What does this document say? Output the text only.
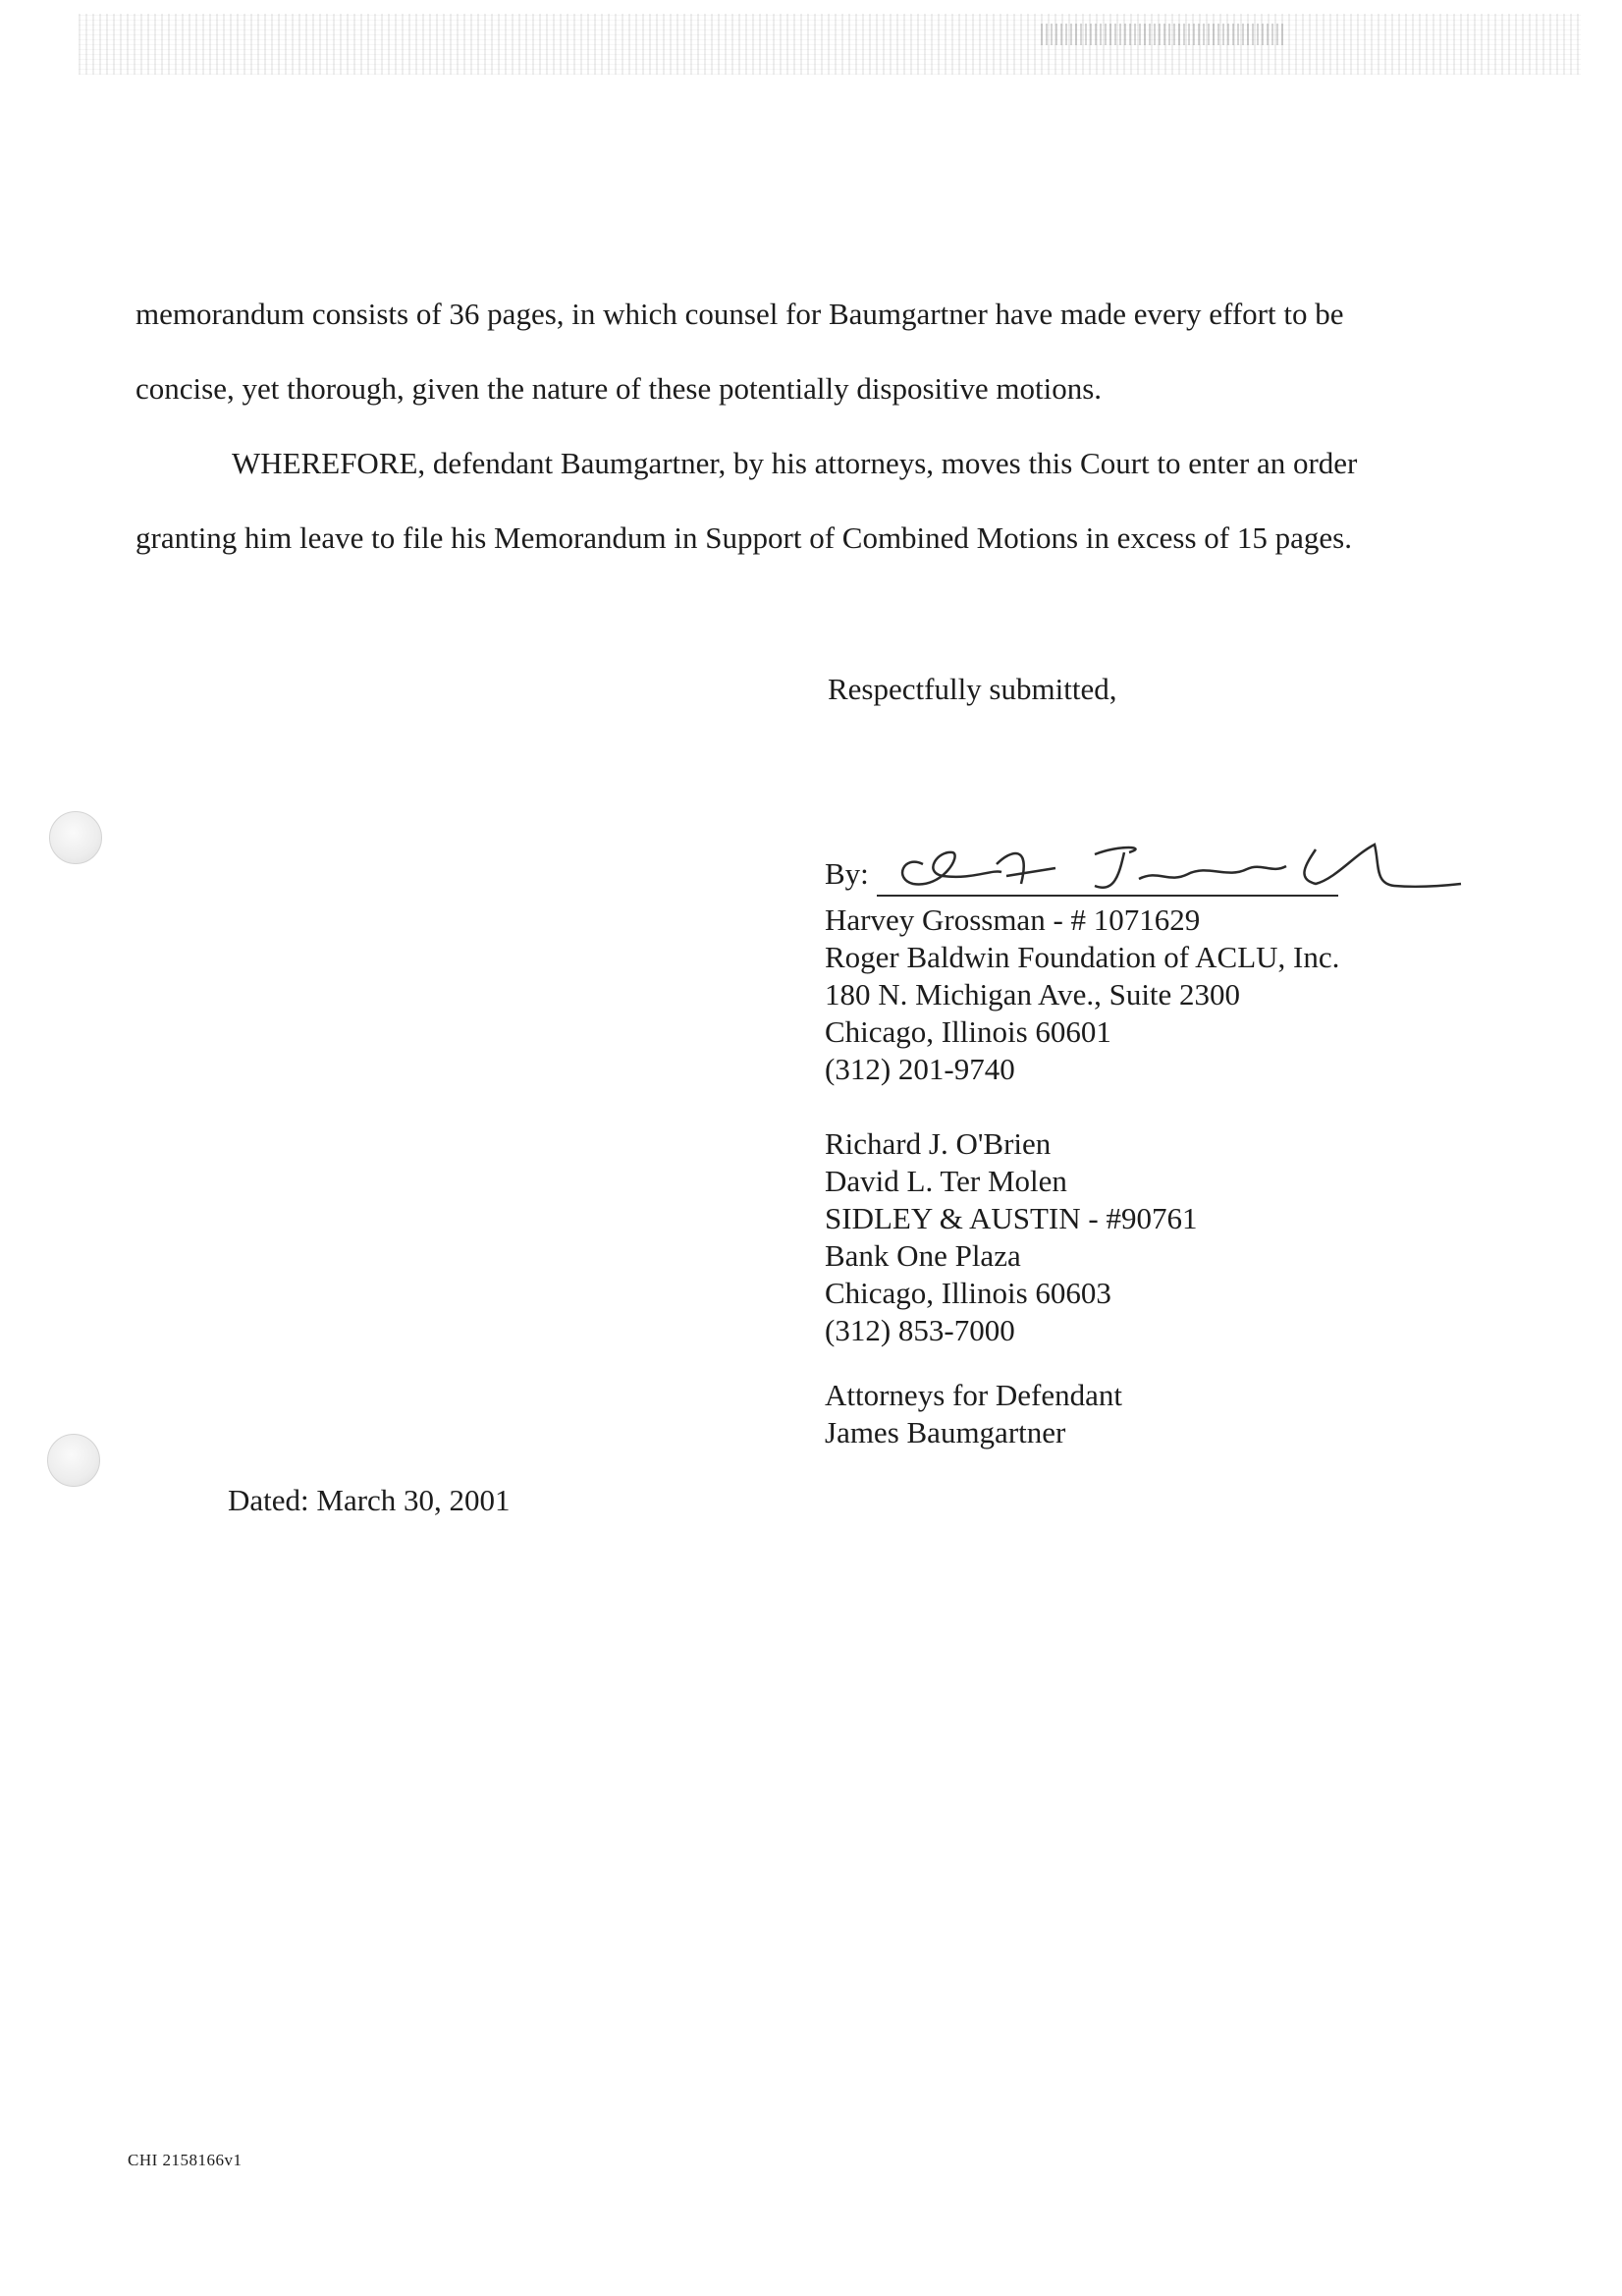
memorandum consists of 36 pages, in which counsel for Baumgartner have made every effort to be concise, yet thorough, given the nature of these potentially dispositive motions.

WHEREFORE, defendant Baumgartner, by his attorneys, moves this Court to enter an order granting him leave to file his Memorandum in Support of Combined Motions in excess of 15 pages.

Respectfully submitted,
By:
Harvey Grossman - # 1071629
Roger Baldwin Foundation of ACLU, Inc.
180 N. Michigan Ave., Suite 2300
Chicago, Illinois 60601
(312) 201-9740
Richard J. O'Brien
David L. Ter Molen
SIDLEY & AUSTIN - #90761
Bank One Plaza
Chicago, Illinois 60603
(312) 853-7000
Attorneys for Defendant
James Baumgartner
Dated: March 30, 2001
CHI 2158166v1
